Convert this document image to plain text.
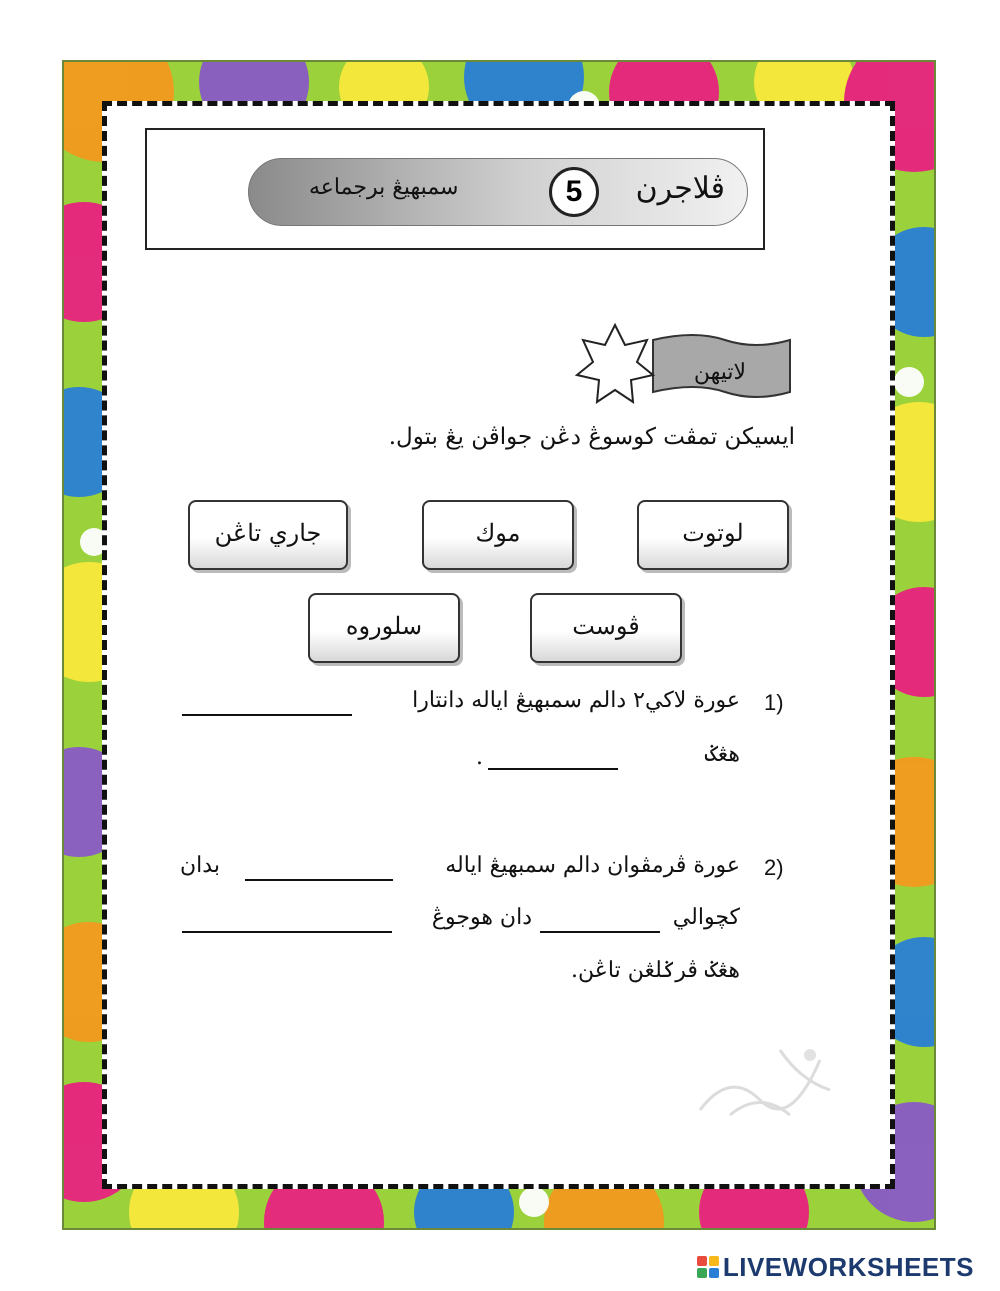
ڤلاجرن
5
سمبهيڠ برجماعه
لاتيهن
ايسيكن تمڤت كوسوڠ دڠن جواڤن يڠ بتول.
لوتوت
موك
جاري تاڠن
ڤوست
سلوروه
1)
عورة لاكي٢ دالم سمبهيڠ اياله دانتارا
هڠݢ
.
2)
عورة ڤرمڤوان دالم سمبهيڠ اياله
بدان
كچوالي
دان هوجوڠ
هڠݢ ڤرݢلڠن تاڠن.
LIVEWORKSHEETS
